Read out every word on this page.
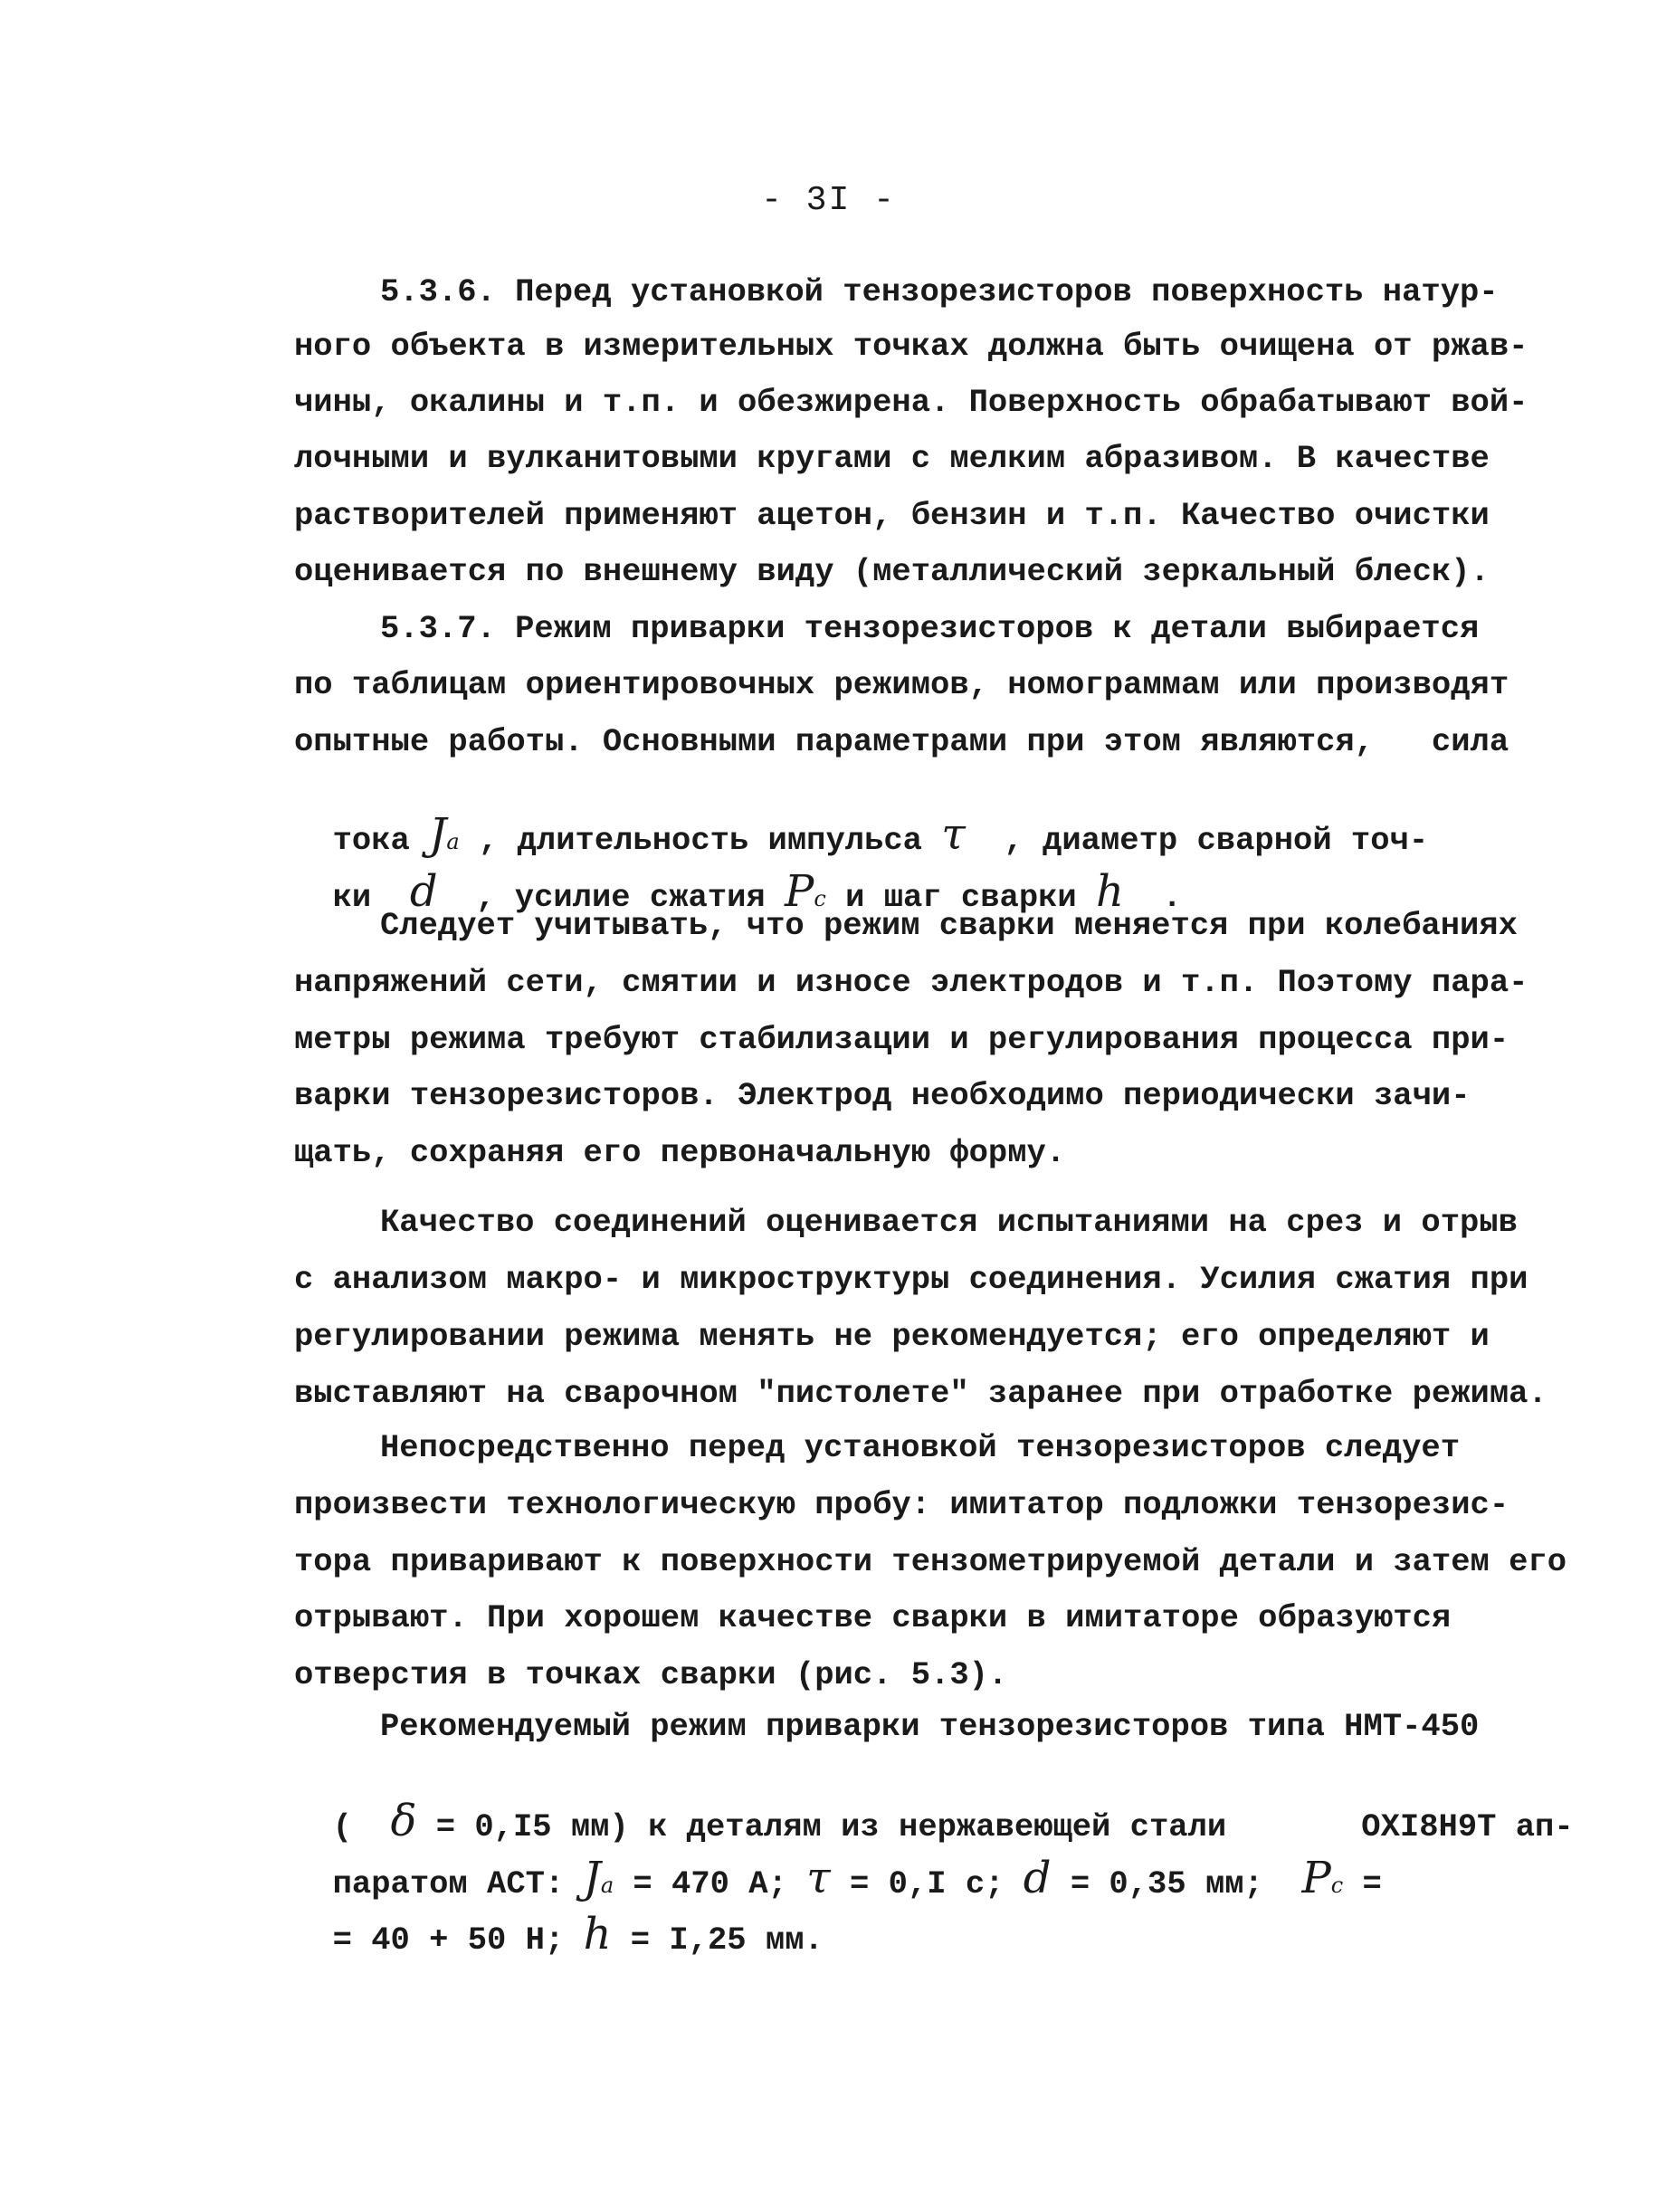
- 3I -
5.3.6. Перед установкой тензорезисторов поверхность натур-
ного объекта в измерительных точках должна быть очищена от ржав-
чины, окалины и т.п. и обезжирена. Поверхность обрабатывают вой-
лочными и вулканитовыми кругами с мелким абразивом. В качестве
растворителей применяют ацетон, бензин и т.п. Качество очистки
оценивается по внешнему виду (металлический зеркальный блеск).
5.3.7. Режим приварки тензорезисторов к детали выбирается
по таблицам ориентировочных режимов, номограммам или производят
опытные работы. Основными параметрами при этом являются,   сила

тока Ja , длительность импульса τ  , диаметр сварной точ-

ки  d  , усилие сжатия Pc и шаг сварки h  .

Следует учитывать, что режим сварки меняется при колебаниях
напряжений сети, смятии и износе электродов и т.п. Поэтому пара-
метры режима требуют стабилизации и регулирования процесса при-
варки тензорезисторов. Электрод необходимо периодически зачи-
щать, сохраняя его первоначальную форму.
Качество соединений оценивается испытаниями на срез и отрыв
с анализом макро- и микроструктуры соединения. Усилия сжатия при
регулировании режима менять не рекомендуется; его определяют и
выставляют на сварочном "пистолете" заранее при отработке режима.
Непосредственно перед установкой тензорезисторов следует
произвести технологическую пробу: имитатор подложки тензорезис-
тора приваривают к поверхности тензометрируемой детали и затем его
отрывают. При хорошем качестве сварки в имитаторе образуются
отверстия в точках сварки (рис. 5.3).
Рекомендуемый режим приварки тензорезисторов типа НМТ-450

(  δ = 0,I5 мм) к деталям из нержавеющей стали       ОХI8Н9Т ап-

паратом АСТ: Ja = 470 А; τ = 0,I с; d = 0,35 мм;  Pc =

= 40 + 50 Н; h = I,25 мм.
